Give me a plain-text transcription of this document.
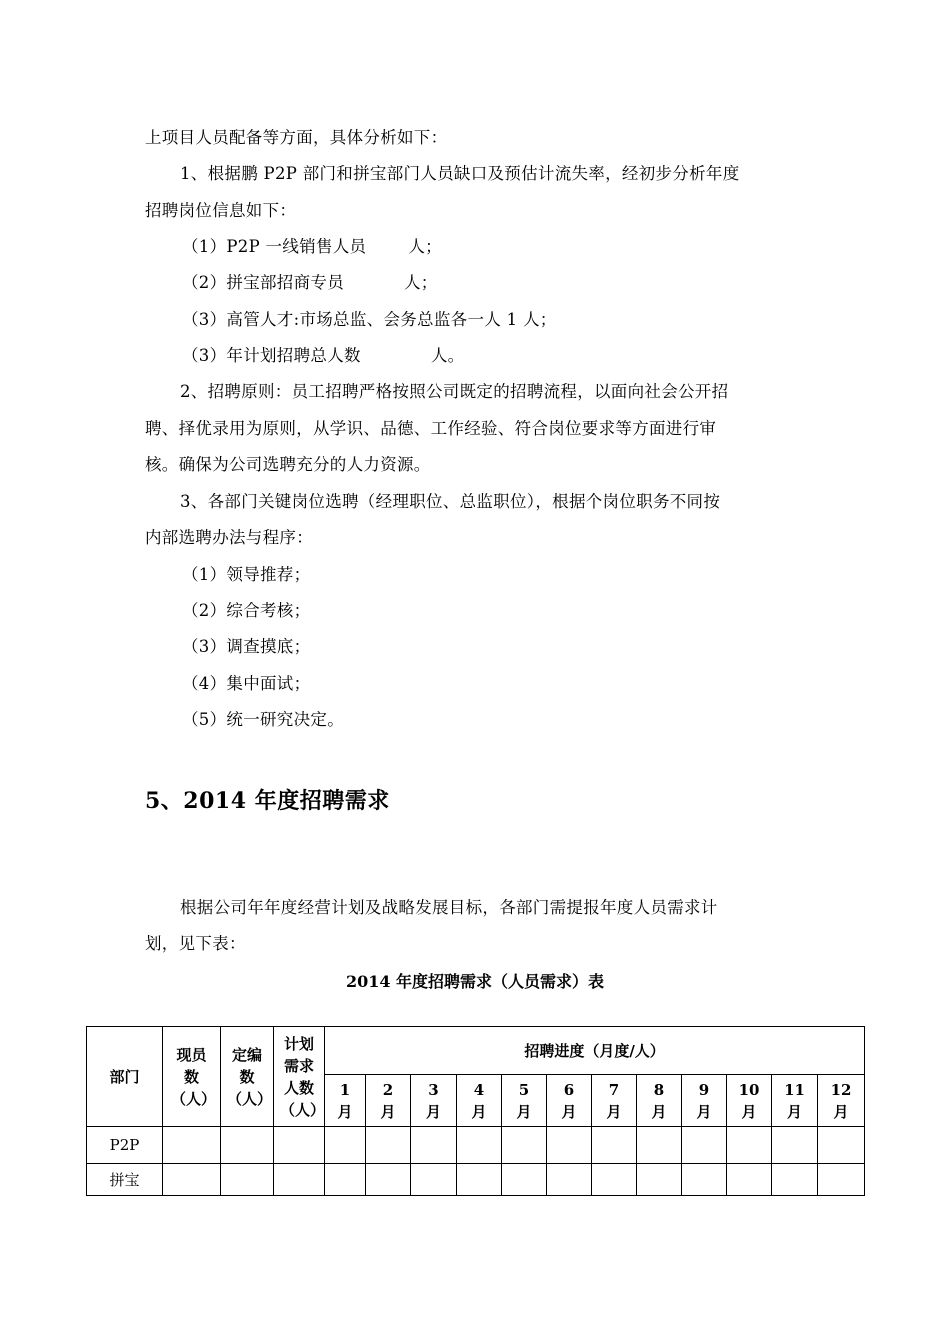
上项目人员配备等方面，具体分析如下：
1、根据鹏 P2P 部门和拼宝部门人员缺口及预估计流失率，经初步分析年度
招聘岗位信息如下：
（1）P2P 一线销售人员	人；
（2）拼宝部招商专员	人；
（3）高管人才:市场总监、会务总监各一人 1 人；
（3）年计划招聘总人数	人。
2、招聘原则：员工招聘严格按照公司既定的招聘流程，以面向社会公开招
聘、择优录用为原则，从学识、品德、工作经验、符合岗位要求等方面进行审
核。确保为公司选聘充分的人力资源。
3、各部门关键岗位选聘（经理职位、总监职位），根据个岗位职务不同按
内部选聘办法与程序：
（1）领导推荐；
（2）综合考核；
（3）调查摸底；
（4）集中面试；
（5）统一研究决定。
5、2014 年度招聘需求
根据公司年年度经营计划及战略发展目标，各部门需提报年度人员需求计
划，见下表：
2014 年度招聘需求（人员需求）表
部门	现员数（人）	定编数（人）	计划需求人数（人）	招聘进度（月度/人）											
				1月	2月	3月	4月	5月	6月	7月	8月	9月	10月	11月	12月
P2P															
拼宝															
